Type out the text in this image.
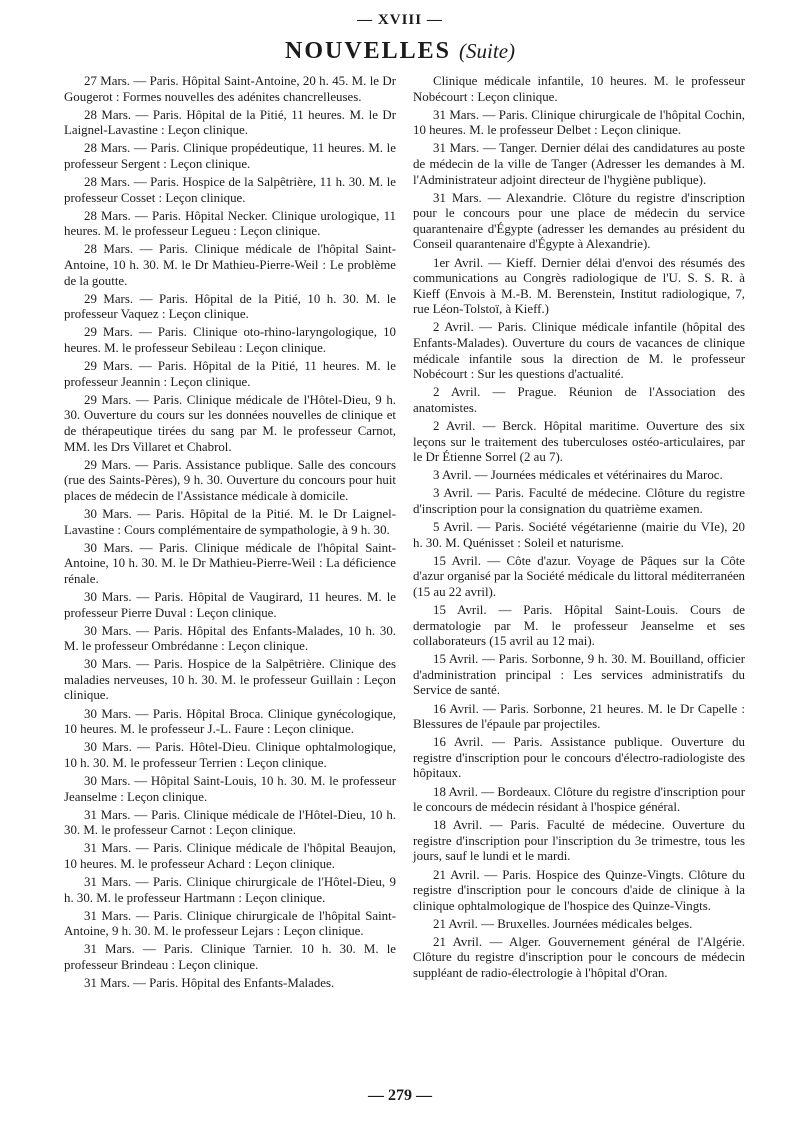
— XVIII —
NOUVELLES (Suite)

27 Mars. — Paris. Hôpital Saint-Antoine, 20 h. 45. M. le Dr Gougerot : Formes nouvelles des adénites chancrelleuses.

28 Mars. — Paris. Hôpital de la Pitié, 11 heures. M. le Dr Laignel-Lavastine : Leçon clinique.

28 Mars. — Paris. Clinique propédeutique, 11 heures. M. le professeur Sergent : Leçon clinique.

28 Mars. — Paris. Hospice de la Salpêtrière, 11 h. 30. M. le professeur Cosset : Leçon clinique.

28 Mars. — Paris. Hôpital Necker. Clinique urologique, 11 heures. M. le professeur Legueu : Leçon clinique.

28 Mars. — Paris. Clinique médicale de l'hôpital Saint-Antoine, 10 h. 30. M. le Dr Mathieu-Pierre-Weil : Le problème de la goutte.

29 Mars. — Paris. Hôpital de la Pitié, 10 h. 30. M. le professeur Vaquez : Leçon clinique.

29 Mars. — Paris. Clinique oto-rhino-laryngologique, 10 heures. M. le professeur Sebileau : Leçon clinique.

29 Mars. — Paris. Hôpital de la Pitié, 11 heures. M. le professeur Jeannin : Leçon clinique.

29 Mars. — Paris. Clinique médicale de l'Hôtel-Dieu, 9 h. 30. Ouverture du cours sur les données nouvelles de clinique et de thérapeutique tirées du sang par M. le professeur Carnot, MM. les Drs Villaret et Chabrol.

29 Mars. — Paris. Assistance publique. Salle des concours (rue des Saints-Pères), 9 h. 30. Ouverture du concours pour huit places de médecin de l'Assistance médicale à domicile.

30 Mars. — Paris. Hôpital de la Pitié. M. le Dr Laignel-Lavastine : Cours complémentaire de sympathologie, à 9 h. 30.

30 Mars. — Paris. Clinique médicale de l'hôpital Saint-Antoine, 10 h. 30. M. le Dr Mathieu-Pierre-Weil : La déficience rénale.

30 Mars. — Paris. Hôpital de Vaugirard, 11 heures. M. le professeur Pierre Duval : Leçon clinique.

30 Mars. — Paris. Hôpital des Enfants-Malades, 10 h. 30. M. le professeur Ombrédanne : Leçon clinique.

30 Mars. — Paris. Hospice de la Salpêtrière. Clinique des maladies nerveuses, 10 h. 30. M. le professeur Guillain : Leçon clinique.

30 Mars. — Paris. Hôpital Broca. Clinique gynécologique, 10 heures. M. le professeur J.-L. Faure : Leçon clinique.

30 Mars. — Paris. Hôtel-Dieu. Clinique ophtalmologique, 10 h. 30. M. le professeur Terrien : Leçon clinique.

30 Mars. — Hôpital Saint-Louis, 10 h. 30. M. le professeur Jeanselme : Leçon clinique.

31 Mars. — Paris. Clinique médicale de l'Hôtel-Dieu, 10 h. 30. M. le professeur Carnot : Leçon clinique.

31 Mars. — Paris. Clinique médicale de l'hôpital Beaujon, 10 heures. M. le professeur Achard : Leçon clinique.

31 Mars. — Paris. Clinique chirurgicale de l'Hôtel-Dieu, 9 h. 30. M. le professeur Hartmann : Leçon clinique.

31 Mars. — Paris. Clinique chirurgicale de l'hôpital Saint-Antoine, 9 h. 30. M. le professeur Lejars : Leçon clinique.

31 Mars. — Paris. Clinique Tarnier. 10 h. 30. M. le professeur Brindeau : Leçon clinique.

31 Mars. — Paris. Hôpital des Enfants-Malades.

Clinique médicale infantile, 10 heures. M. le professeur Nobécourt : Leçon clinique.

31 Mars. — Paris. Clinique chirurgicale de l'hôpital Cochin, 10 heures. M. le professeur Delbet : Leçon clinique.

31 Mars. — Tanger. Dernier délai des candidatures au poste de médecin de la ville de Tanger (Adresser les demandes à M. l'Administrateur adjoint directeur de l'hygiène publique).

31 Mars. — Alexandrie. Clôture du registre d'inscription pour le concours pour une place de médecin du service quarantenaire d'Égypte (adresser les demandes au président du Conseil quarantenaire d'Égypte à Alexandrie).

1er Avril. — Kieff. Dernier délai d'envoi des résumés des communications au Congrès radiologique de l'U. S. S. R. à Kieff (Envois à M.-B. M. Berenstein, Institut radiologique, 7, rue Léon-Tolstoï, à Kieff.)

2 Avril. — Paris. Clinique médicale infantile (hôpital des Enfants-Malades). Ouverture du cours de vacances de clinique médicale infantile sous la direction de M. le professeur Nobécourt : Sur les questions d'actualité.

2 Avril. — Prague. Réunion de l'Association des anatomistes.

2 Avril. — Berck. Hôpital maritime. Ouverture des six leçons sur le traitement des tuberculoses ostéo-articulaires, par le Dr Étienne Sorrel (2 au 7).

3 Avril. — Journées médicales et vétérinaires du Maroc.

3 Avril. — Paris. Faculté de médecine. Clôture du registre d'inscription pour la consignation du quatrième examen.

5 Avril. — Paris. Société végétarienne (mairie du VIe), 20 h. 30. M. Quénisset : Soleil et naturisme.

15 Avril. — Côte d'azur. Voyage de Pâques sur la Côte d'azur organisé par la Société médicale du littoral méditerranéen (15 au 22 avril).

15 Avril. — Paris. Hôpital Saint-Louis. Cours de dermatologie par M. le professeur Jeanselme et ses collaborateurs (15 avril au 12 mai).

15 Avril. — Paris. Sorbonne, 9 h. 30. M. Bouilland, officier d'administration principal : Les services administratifs du Service de santé.

16 Avril. — Paris. Sorbonne, 21 heures. M. le Dr Capelle : Blessures de l'épaule par projectiles.

16 Avril. — Paris. Assistance publique. Ouverture du registre d'inscription pour le concours d'électro-radiologiste des hôpitaux.

18 Avril. — Bordeaux. Clôture du registre d'inscription pour le concours de médecin résidant à l'hospice général.

18 Avril. — Paris. Faculté de médecine. Ouverture du registre d'inscription pour l'inscription du 3e trimestre, tous les jours, sauf le lundi et le mardi.

21 Avril. — Paris. Hospice des Quinze-Vingts. Clôture du registre d'inscription pour le concours d'aide de clinique à la clinique ophtalmologique de l'hospice des Quinze-Vingts.

21 Avril. — Bruxelles. Journées médicales belges.

21 Avril. — Alger. Gouvernement général de l'Algérie. Clôture du registre d'inscription pour le concours de médecin suppléant de radio-électrologie à l'hôpital d'Oran.

— 279 —
